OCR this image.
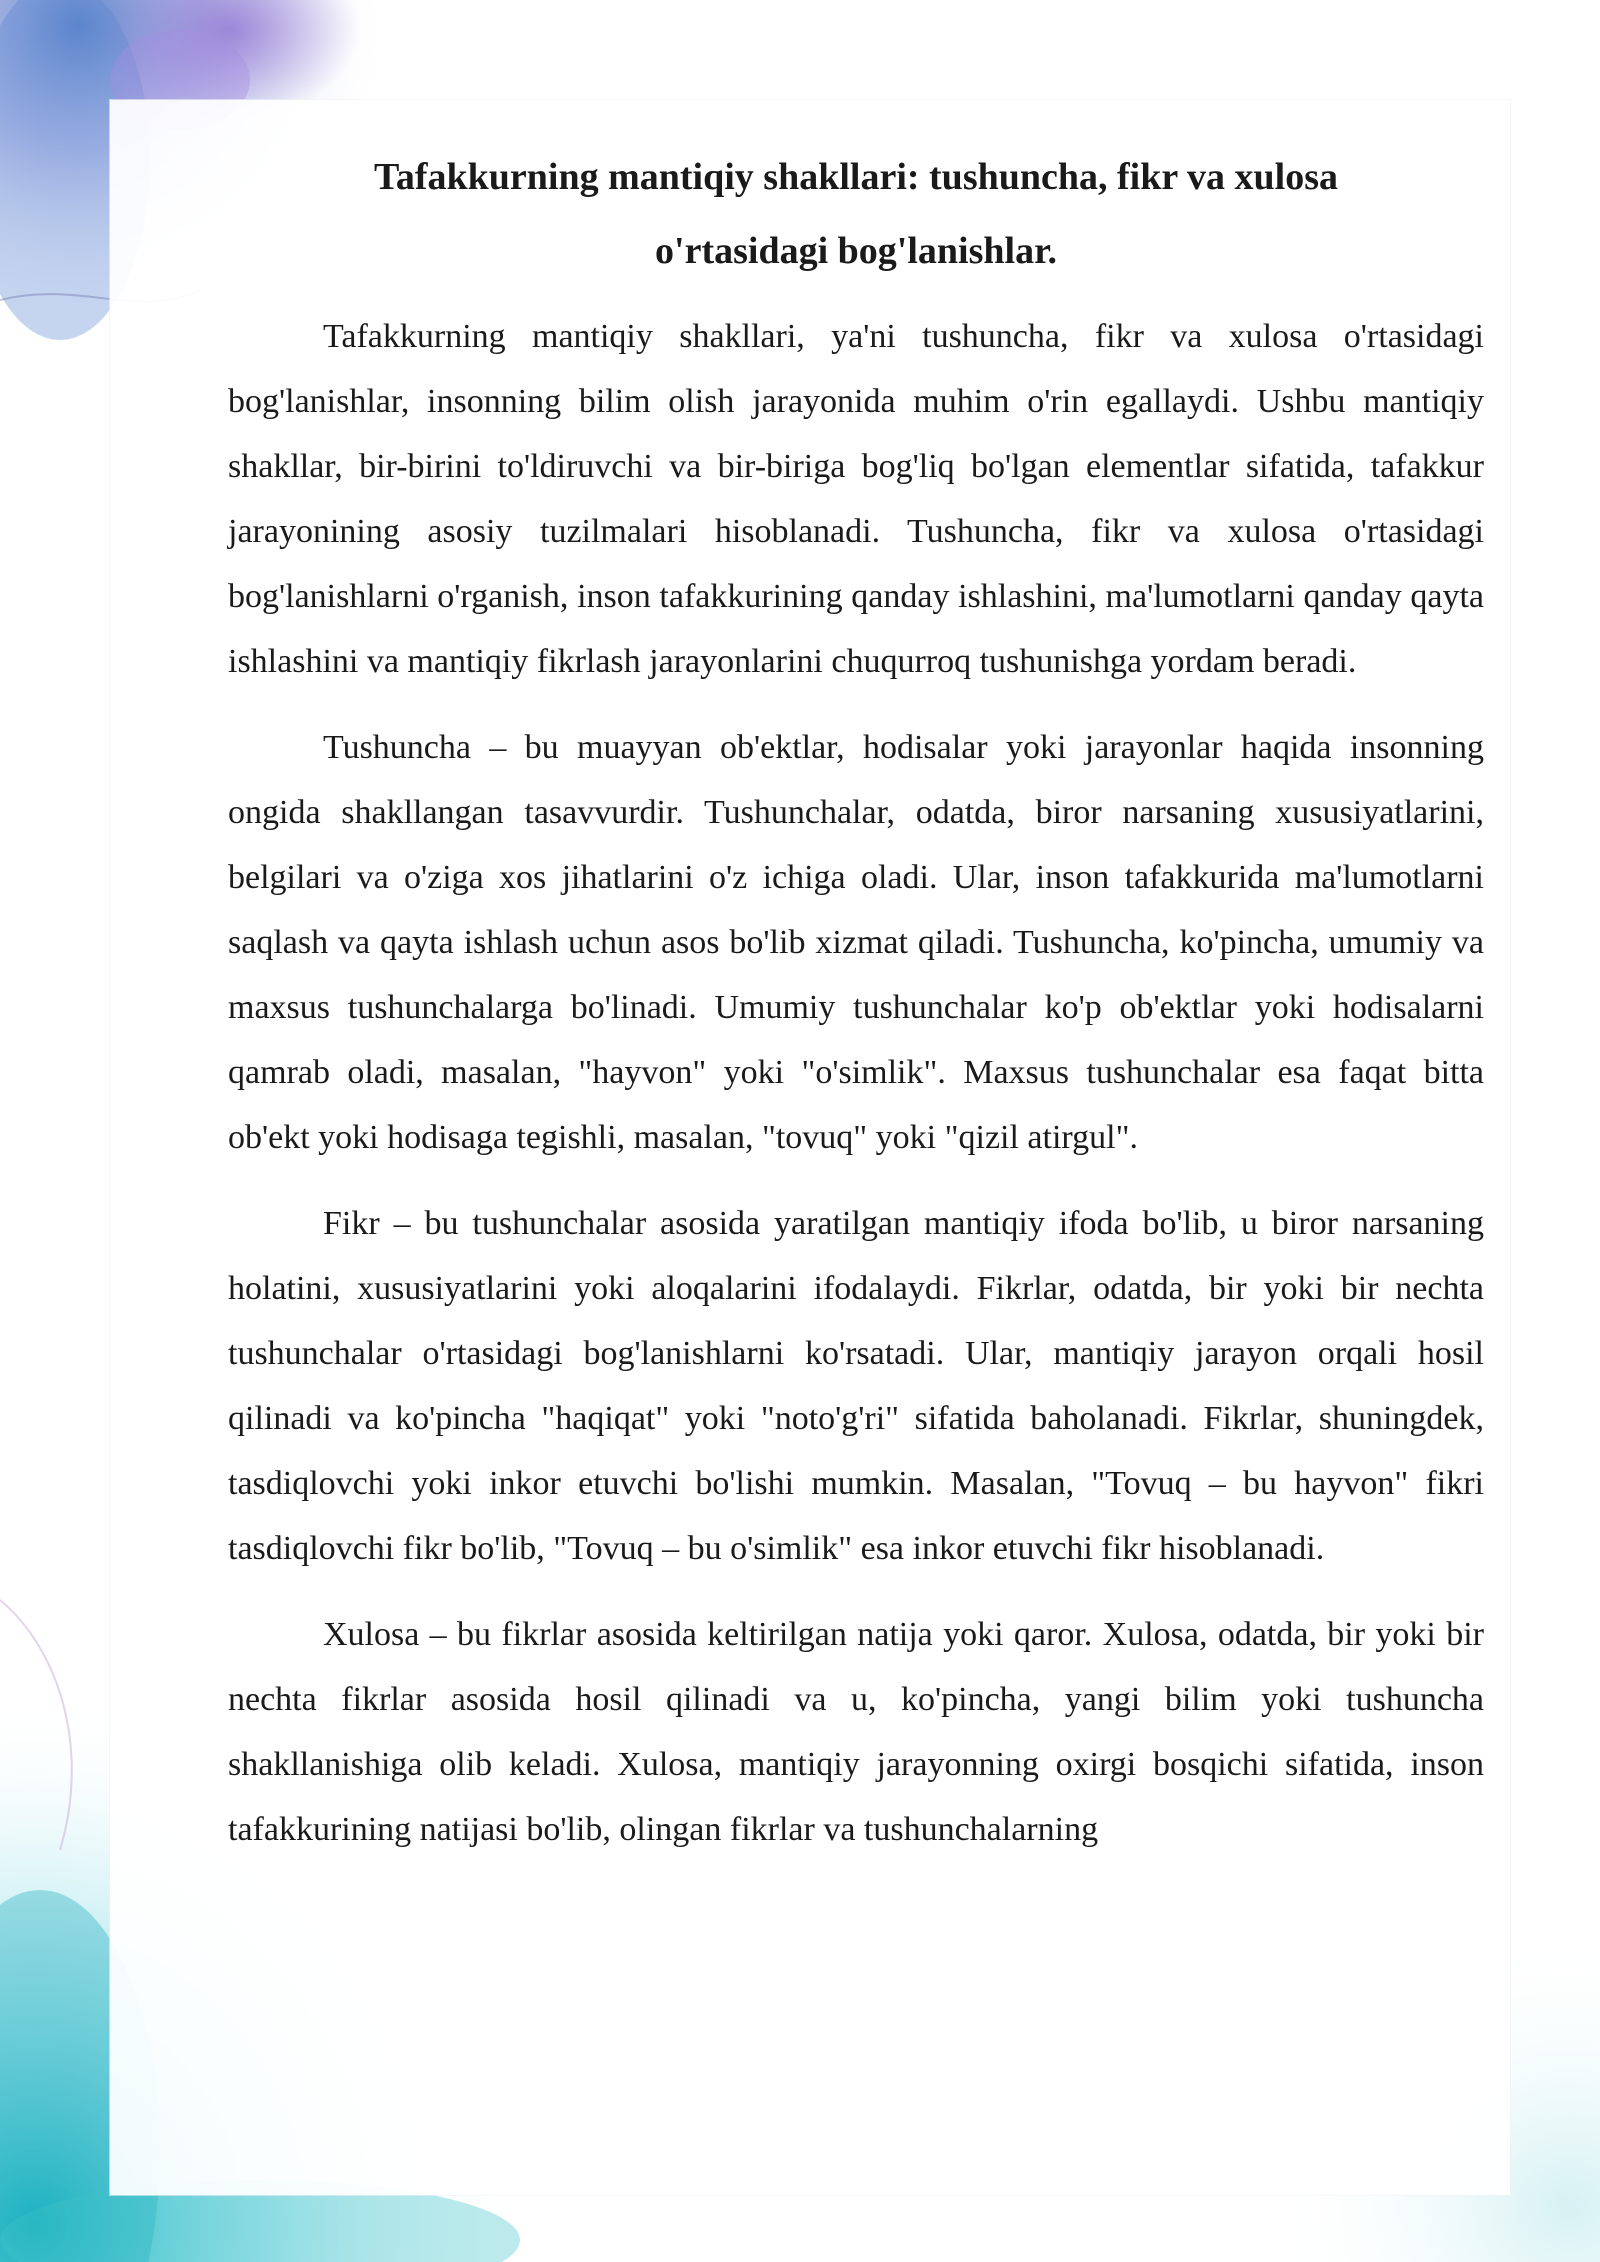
Tafakkurning mantiqiy shakllari: tushuncha, fikr va xulosa o'rtasidagi bog'lanishlar.

Tafakkurning mantiqiy shakllari, ya'ni tushuncha, fikr va xulosa o'rtasidagi bog'lanishlar, insonning bilim olish jarayonida muhim o'rin egallaydi. Ushbu mantiqiy shakllar, bir-birini to'ldiruvchi va bir-biriga bog'liq bo'lgan elementlar sifatida, tafakkur jarayonining asosiy tuzilmalari hisoblanadi. Tushuncha, fikr va xulosa o'rtasidagi bog'lanishlarni o'rganish, inson tafakkurining qanday ishlashini, ma'lumotlarni qanday qayta ishlashini va mantiqiy fikrlash jarayonlarini chuqurroq tushunishga yordam beradi.

Tushuncha – bu muayyan ob'ektlar, hodisalar yoki jarayonlar haqida insonning ongida shakllangan tasavvurdir. Tushunchalar, odatda, biror narsaning xususiyatlarini, belgilari va o'ziga xos jihatlarini o'z ichiga oladi. Ular, inson tafakkurida ma'lumotlarni saqlash va qayta ishlash uchun asos bo'lib xizmat qiladi. Tushuncha, ko'pincha, umumiy va maxsus tushunchalarga bo'linadi. Umumiy tushunchalar ko'p ob'ektlar yoki hodisalarni qamrab oladi, masalan, "hayvon" yoki "o'simlik". Maxsus tushunchalar esa faqat bitta ob'ekt yoki hodisaga tegishli, masalan, "tovuq" yoki "qizil atirgul".

Fikr – bu tushunchalar asosida yaratilgan mantiqiy ifoda bo'lib, u biror narsaning holatini, xususiyatlarini yoki aloqalarini ifodalaydi. Fikrlar, odatda, bir yoki bir nechta tushunchalar o'rtasidagi bog'lanishlarni ko'rsatadi. Ular, mantiqiy jarayon orqali hosil qilinadi va ko'pincha "haqiqat" yoki "noto'g'ri" sifatida baholanadi. Fikrlar, shuningdek, tasdiqlovchi yoki inkor etuvchi bo'lishi mumkin. Masalan, "Tovuq – bu hayvon" fikri tasdiqlovchi fikr bo'lib, "Tovuq – bu o'simlik" esa inkor etuvchi fikr hisoblanadi.

Xulosa – bu fikrlar asosida keltirilgan natija yoki qaror. Xulosa, odatda, bir yoki bir nechta fikrlar asosida hosil qilinadi va u, ko'pincha, yangi bilim yoki tushuncha shakllanishiga olib keladi. Xulosa, mantiqiy jarayonning oxirgi bosqichi sifatida, inson tafakkurining natijasi bo'lib, olingan fikrlar va tushunchalarning
